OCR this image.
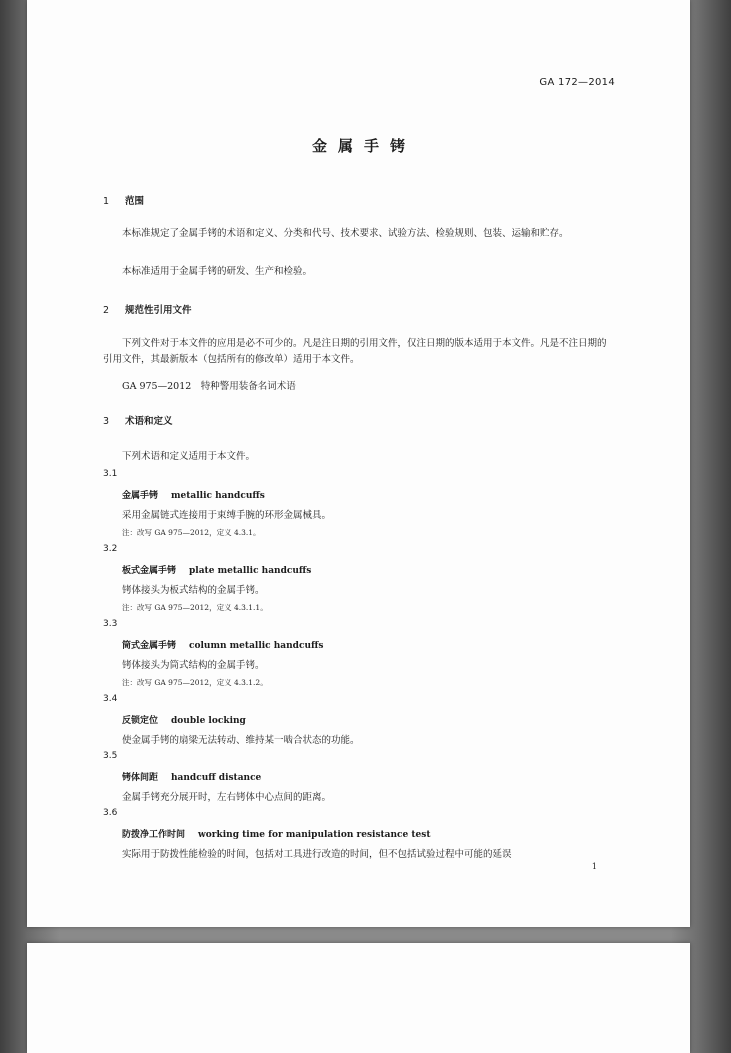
GA 172—2014
金属手铐
1 范围
本标准规定了金属手铐的术语和定义、分类和代号、技术要求、试验方法、检验规则、包装、运输和贮存。
本标准适用于金属手铐的研发、生产和检验。
2 规范性引用文件
下列文件对于本文件的应用是必不可少的。凡是注日期的引用文件，仅注日期的版本适用于本文件。凡是不注日期的引用文件，其最新版本（包括所有的修改单）适用于本文件。
GA 975—2012　特种警用装备名词术语
3 术语和定义
下列术语和定义适用于本文件。
3.1
金属手铐 metallic handcuffs
采用金属链式连接用于束缚手腕的环形金属械具。
注：改写 GA 975—2012，定义 4.3.1。
3.2
板式金属手铐 plate metallic handcuffs
铐体接头为板式结构的金属手铐。
注：改写 GA 975—2012，定义 4.3.1.1。
3.3
筒式金属手铐 column metallic handcuffs
铐体接头为筒式结构的金属手铐。
注：改写 GA 975—2012，定义 4.3.1.2。
3.4
反锁定位 double locking
使金属手铐的扇梁无法转动、维持某一啮合状态的功能。
3.5
铐体间距 handcuff distance
金属手铐充分展开时，左右铐体中心点间的距离。
3.6
防拨净工作时间 working time for manipulation resistance test
实际用于防拨性能检验的时间，包括对工具进行改造的时间，但不包括试验过程中可能的延误
1
